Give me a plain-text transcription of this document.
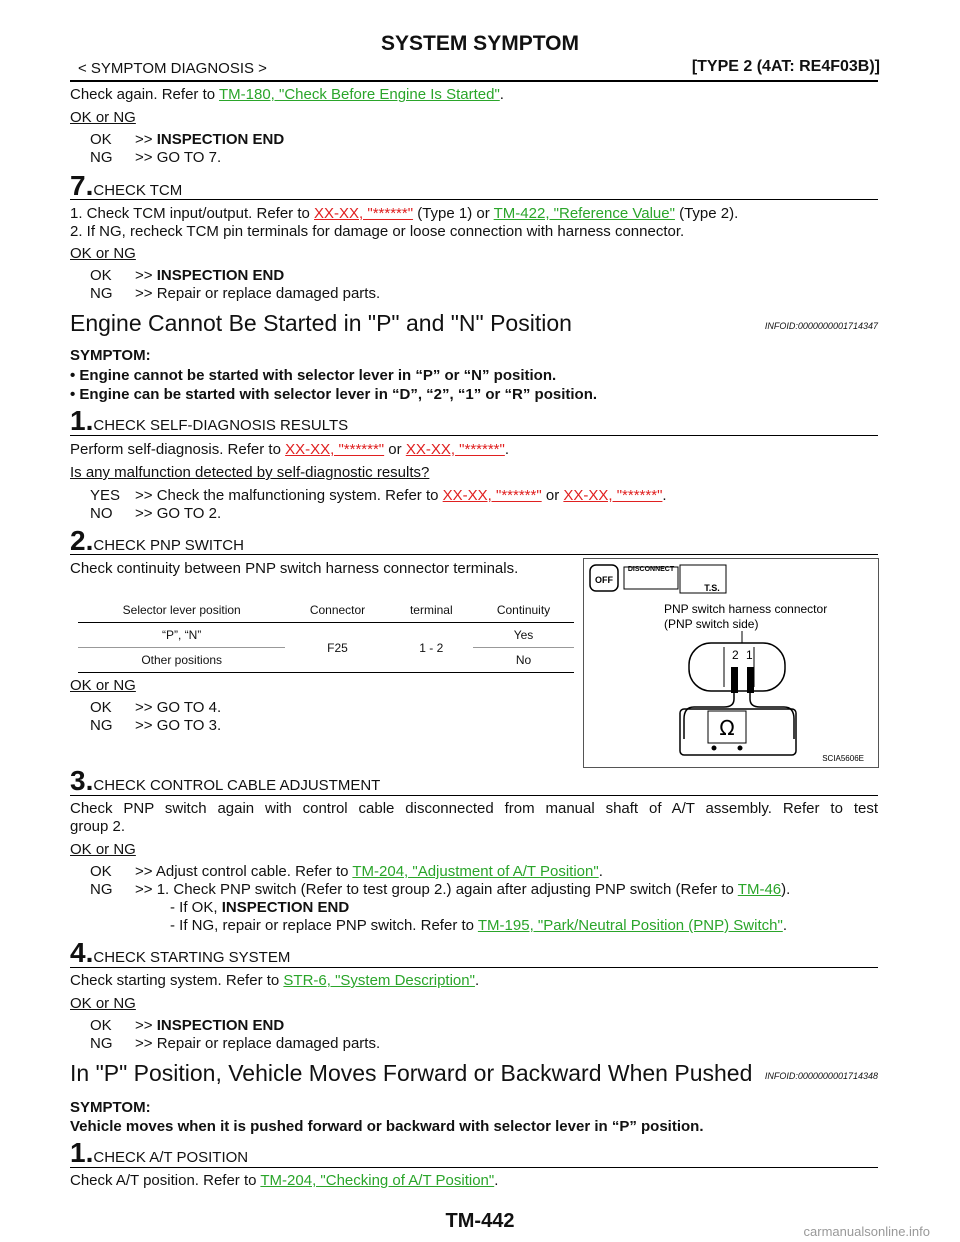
SYSTEM SYMPTOM
< SYMPTOM DIAGNOSIS >	[TYPE 2 (4AT: RE4F03B)]
Check again. Refer to TM-180, "Check Before Engine Is Started".
OK or NG
OK >> INSPECTION END
NG >> GO TO 7.
7.CHECK TCM
1. Check TCM input/output. Refer to XX-XX, "******" (Type 1) or TM-422, "Reference Value" (Type 2).
2. If NG, recheck TCM pin terminals for damage or loose connection with harness connector.
OK or NG
OK >> INSPECTION END
NG >> Repair or replace damaged parts.
Engine Cannot Be Started in "P" and "N" Position	INFOID:0000000001714347
SYMPTOM:
• Engine cannot be started with selector lever in “P” or “N” position.
• Engine can be started with selector lever in “D”, “2”, “1” or “R” position.
1.CHECK SELF-DIAGNOSIS RESULTS
Perform self-diagnosis. Refer to XX-XX, "******" or XX-XX, "******".
Is any malfunction detected by self-diagnostic results?
YES >> Check the malfunctioning system. Refer to XX-XX, "******" or XX-XX, "******".
NO >> GO TO 2.
2.CHECK PNP SWITCH
Check continuity between PNP switch harness connector terminals.
Selector lever position	Connector	terminal	Continuity
“P”, “N”	F25	1 - 2	Yes
Other positions			No
OK or NG
OK >> GO TO 4.
NG >> GO TO 3.
OFF
DISCONNECT
T.S.
PNP switch harness connector
(PNP switch side)
2 1
Ω
SCIA5606E
3.CHECK CONTROL CABLE ADJUSTMENT
Check PNP switch again with control cable disconnected from manual shaft of A/T assembly. Refer to test
group 2.
OK or NG
OK >> Adjust control cable. Refer to TM-204, "Adjustment of A/T Position".
NG >> 1. Check PNP switch (Refer to test group 2.) again after adjusting PNP switch (Refer to TM-46).
- If OK, INSPECTION END
- If NG, repair or replace PNP switch. Refer to TM-195, "Park/Neutral Position (PNP) Switch".
4.CHECK STARTING SYSTEM
Check starting system. Refer to STR-6, "System Description".
OK or NG
OK >> INSPECTION END
NG >> Repair or replace damaged parts.
In "P" Position, Vehicle Moves Forward or Backward When Pushed INFOID:0000000001714348
SYMPTOM:
Vehicle moves when it is pushed forward or backward with selector lever in “P” position.
1.CHECK A/T POSITION
Check A/T position. Refer to TM-204, "Checking of A/T Position".
TM-442	carmanualsonline.info
